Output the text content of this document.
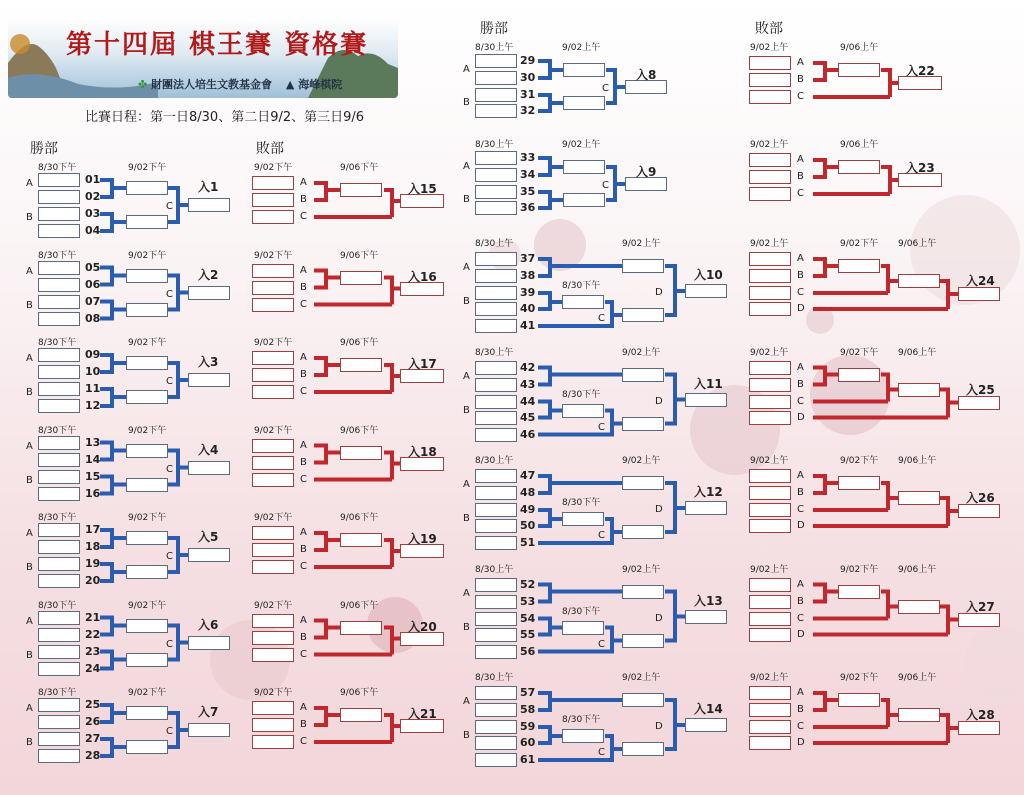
第十四屆 棋王賽 資格賽
✤ 財團法人培生文教基金會 ▲ 海峰棋院
比賽日程：第一日8/30、第二日9/2、第三日9/6
勝部	敗部
勝部	敗部
8/30下午	9/02下午
01
02
03
04
A
B
C
入1
8/30下午	9/02下午
05
06
07
08
A
B
C
入2
8/30下午	9/02下午
09
10
11
12
A
B
C
入3
8/30下午	9/02下午
13
14
15
16
A
B
C
入4
8/30下午	9/02下午
17
18
19
20
A
B
C
入5
8/30下午	9/02下午
21
22
23
24
A
B
C
入6
8/30下午	9/02下午
25
26
27
28
A
B
C
入7
9/02下午	9/06下午
A
B
C
入15
9/02下午	9/06下午
A
B
C
入16
9/02下午	9/06下午
A
B
C
入17
9/02下午	9/06下午
A
B
C
入18
9/02下午	9/06下午
A
B
C
入19
9/02下午	9/06下午
A
B
C
入20
9/02下午	9/06下午
A
B
C
入21
8/30上午	9/02上午
29
30
31
32
A
B
C
入8
8/30上午	9/02上午
33
34
35
36
A
B
C
入9
8/30上午	9/02上午
8/30下午
37
38
39
40
41
A
B
C
D
入10
8/30上午	9/02上午
8/30下午
42
43
44
45
46
A
B
C
D
入11
8/30上午	9/02上午
8/30下午
47
48
49
50
51
A
B
C
D
入12
8/30上午	9/02上午
8/30下午
52
53
54
55
56
A
B
C
D
入13
8/30上午	9/02上午
8/30下午
57
58
59
60
61
A
B
C
D
入14
9/02上午	9/06上午
A
B
C
入22
9/02上午	9/06上午
A
B
C
入23
9/02上午	9/02下午 9/06上午
A
B
C
D
入24
9/02上午	9/02下午 9/06上午
A
B
C
D
入25
9/02上午	9/02下午 9/06上午
A
B
C
D
入26
9/02上午	9/02下午 9/06上午
A
B
C
D
入27
9/02上午	9/02下午 9/06上午
A
B
C
D
入28
